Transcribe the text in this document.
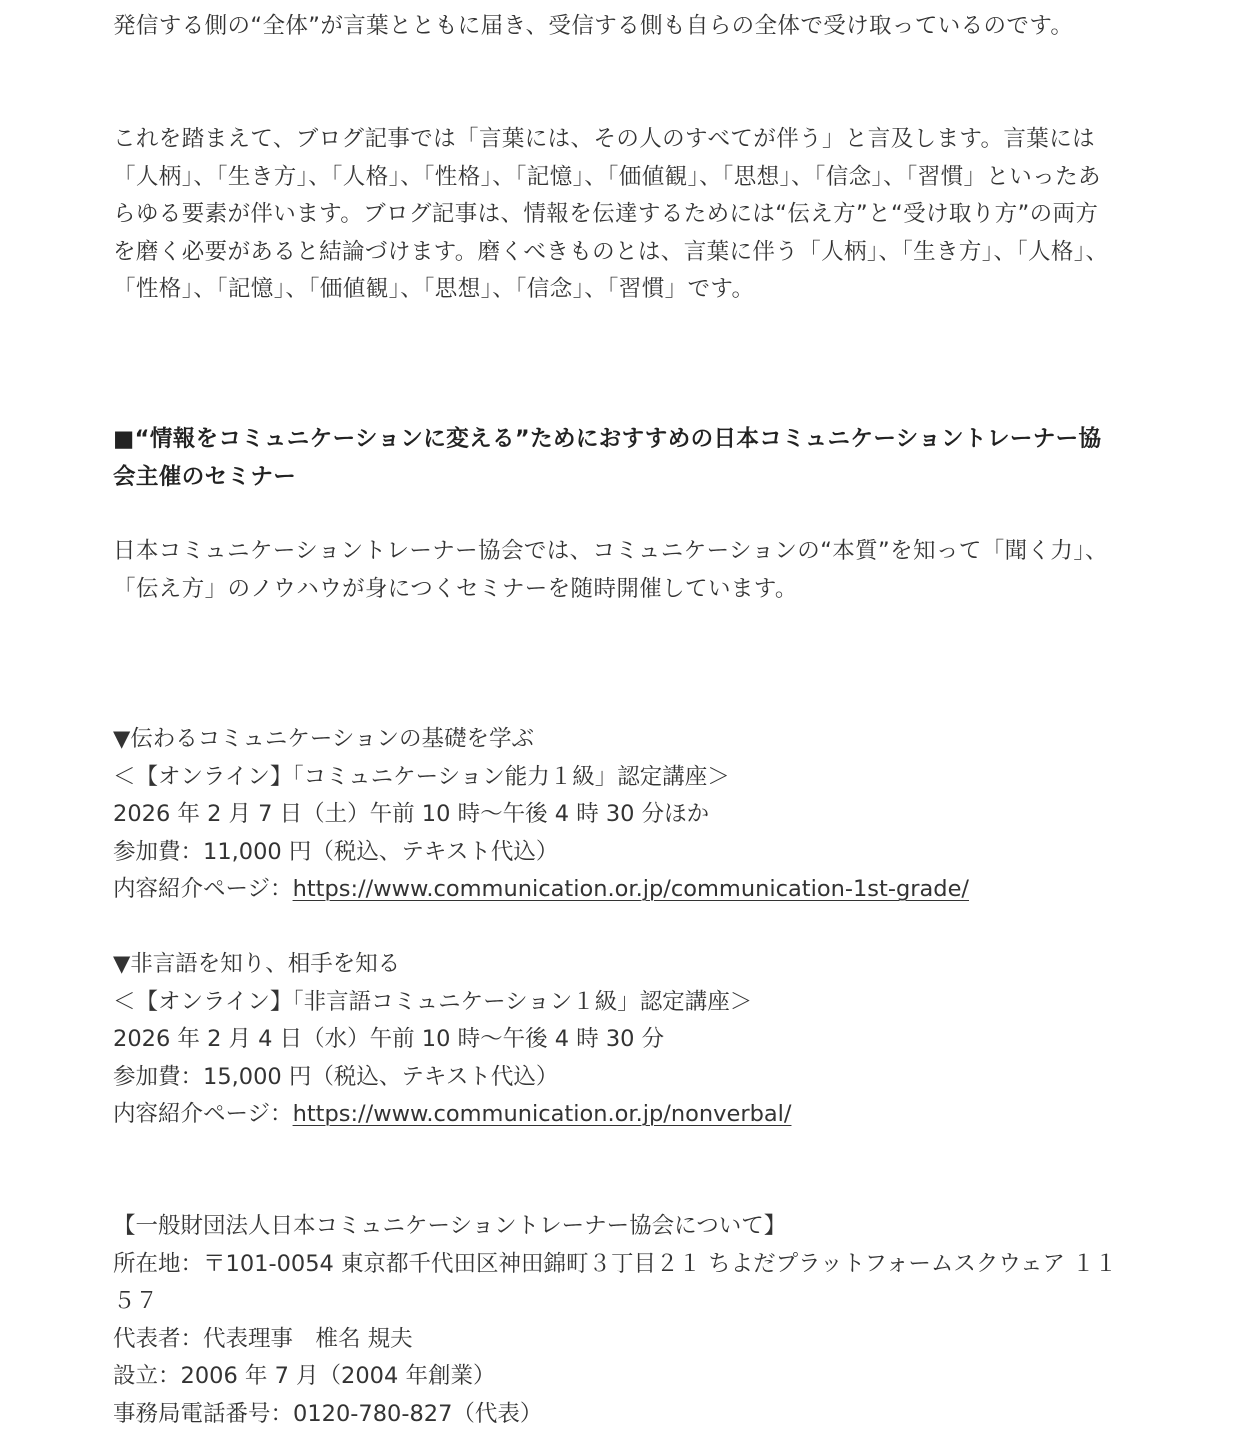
発信する側の“全体”が言葉とともに届き、受信する側も自らの全体で受け取っているのです。

これを踏まえて、ブログ記事では「言葉には、その人のすべてが伴う」と言及します。言葉には「人柄」、「生き方」、「人格」、「性格」、「記憶」、「価値観」、「思想」、「信念」、「習慣」といったあらゆる要素が伴います。ブログ記事は、情報を伝達するためには“伝え方”と“受け取り方”の両方を磨く必要があると結論づけます。磨くべきものとは、言葉に伴う「人柄」、「生き方」、「人格」、「性格」、「記憶」、「価値観」、「思想」、「信念」、「習慣」です。

■“情報をコミュニケーションに変える”ためにおすすめの日本コミュニケーショントレーナー協会主催のセミナー

日本コミュニケーショントレーナー協会では、コミュニケーションの“本質”を知って「聞く力」、「伝え方」のノウハウが身につくセミナーを随時開催しています。

▼伝わるコミュニケーションの基礎を学ぶ
＜【オンライン】「コミュニケーション能力１級」認定講座＞
2026 年 2 月 7 日（土）午前 10 時〜午後 4 時 30 分ほか
参加費：11,000 円（税込、テキスト代込）
内容紹介ページ：https://www.communication.or.jp/communication-1st-grade/
▼非言語を知り、相手を知る
＜【オンライン】「非言語コミュニケーション１級」認定講座＞
2026 年 2 月 4 日（水）午前 10 時〜午後 4 時 30 分
参加費：15,000 円（税込、テキスト代込）
内容紹介ページ：https://www.communication.or.jp/nonverbal/
【一般財団法人日本コミュニケーショントレーナー協会について】
所在地：〒101-0054 東京都千代田区神田錦町３丁目２１ ちよだプラットフォームスクウェア １１５７
代表者：代表理事　椎名 規夫
設立：2006 年 7 月（2004 年創業）
事務局電話番号：0120-780-827（代表）
